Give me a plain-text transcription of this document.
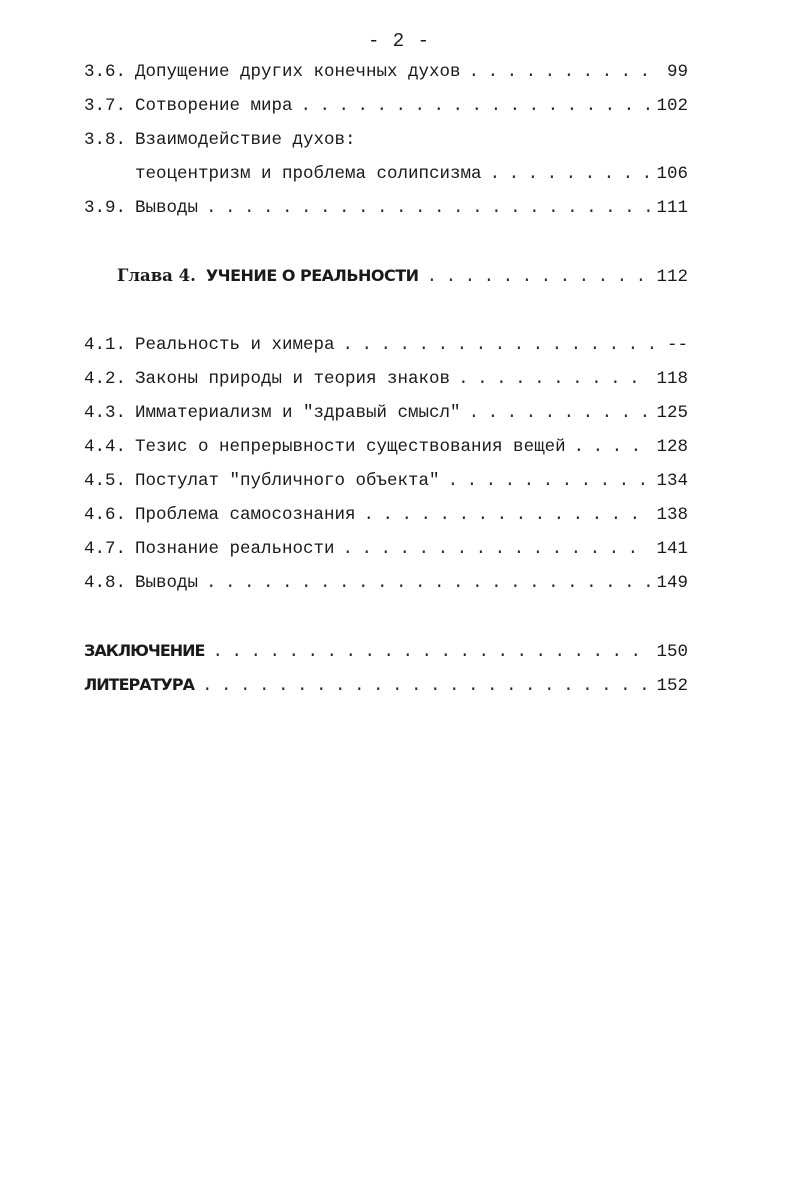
- 2 -
3.6. Допущение других конечных духов . . .	99
3.7. Сотворение мира . . .	102
3.8. Взаимодействие духов:
теоцентризм и проблема солипсизма . . .	106
3.9. Выводы . . .	111
Глава 4. УЧЕНИЕ О РЕАЛЬНОСТИ . . .	112
4.1. Реальность и химера . . .	--
4.2. Законы природы и теория знаков . . .	118
4.3. Имматериализм и "здравый смысл" . . .	125
4.4. Тезис о непрерывности существования вещей . . .	128
4.5. Постулат "публичного объекта" . . .	134
4.6. Проблема самосознания . . .	138
4.7. Познание реальности . . .	141
4.8. Выводы . . .	149
ЗАКЛЮЧЕНИЕ . . .	150
ЛИТЕРАТУРА . . .	152
